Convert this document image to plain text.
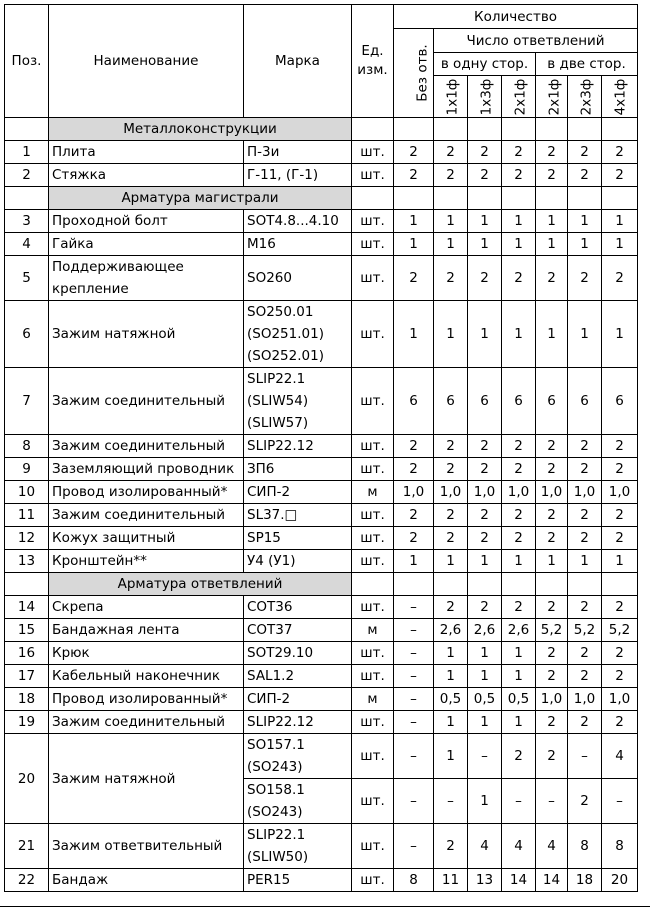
Поз.	Наименование	Марка	Ед. изм.	Количество						
				Без отв.	Число ответвлений					
					в одну стор.			в две стор.		
					1x1ф	1x3ф	2x1ф	2x1ф	2x3ф	4x1ф
	Металлоконструкции									
1	Плита	П-3и	шт.	2	2	2	2	2	2	2
2	Стяжка	Г-11, (Г-1)	шт.	2	2	2	2	2	2	2
	Арматура магистрали									
3	Проходной болт	SOT4.8...4.10	шт.	1	1	1	1	1	1	1
4	Гайка	М16	шт.	1	1	1	1	1	1	1
5	Поддерживающее крепление	SO260	шт.	2	2	2	2	2	2	2
6	Зажим натяжной	SO250.01 (SO251.01) (SO252.01)	шт.	1	1	1	1	1	1	1
7	Зажим соединительный	SLIP22.1 (SLIW54) (SLIW57)	шт.	6	6	6	6	6	6	6
8	Зажим соединительный	SLIP22.12	шт.	2	2	2	2	2	2	2
9	Заземляющий проводник	ЗП6	шт.	2	2	2	2	2	2	2
10	Провод изолированный*	СИП-2	м	1,0	1,0	1,0	1,0	1,0	1,0	1,0
11	Зажим соединительный	SL37.□	шт.	2	2	2	2	2	2	2
12	Кожух защитный	SP15	шт.	2	2	2	2	2	2	2
13	Кронштейн**	У4 (У1)	шт.	1	1	1	1	1	1	1
	Арматура ответвлений									
14	Скрепа	COT36	шт.	–	2	2	2	2	2	2
15	Бандажная лента	COT37	м	–	2,6	2,6	2,6	5,2	5,2	5,2
16	Крюк	SOT29.10	шт.	–	1	1	1	2	2	2
17	Кабельный наконечник	SAL1.2	шт.	–	1	1	1	2	2	2
18	Провод изолированный*	СИП-2	м	–	0,5	0,5	0,5	1,0	1,0	1,0
19	Зажим соединительный	SLIP22.12	шт.	–	1	1	1	2	2	2
20	Зажим натяжной	SO157.1 (SO243)	шт.	–	1	–	2	2	–	4
		SO158.1 (SO243)	шт.	–	–	1	–	–	2	–
21	Зажим ответвительный	SLIP22.1 (SLIW50)	шт.	–	2	4	4	4	8	8
22	Бандаж	PER15	шт.	8	11	13	14	14	18	20
